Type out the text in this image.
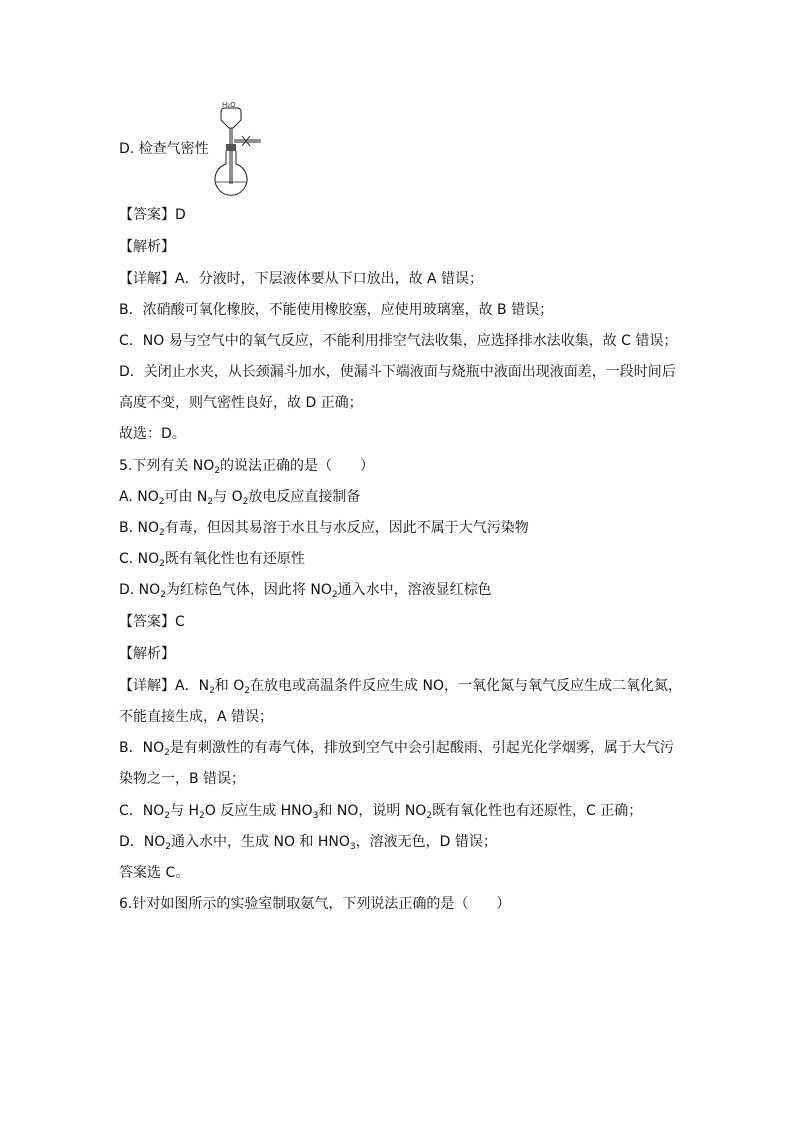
D. 检查气密性
H₂O
【答案】D
【解析】
【详解】A．分液时，下层液体要从下口放出，故 A 错误；
B．浓硝酸可氧化橡胶，不能使用橡胶塞，应使用玻璃塞，故 B 错误；
C．NO 易与空气中的氧气反应，不能利用排空气法收集，应选择排水法收集，故 C 错误；
D．关闭止水夹，从长颈漏斗加水，使漏斗下端液面与烧瓶中液面出现液面差，一段时间后
高度不变，则气密性良好，故 D 正确；
故选：D。
5.下列有关 $NO_2$的说法正确的是（　　）
A. $NO_2$可由 $N_2$与 $O_2$放电反应直接制备
B. $NO_2$有毒，但因其易溶于水且与水反应，因此不属于大气污染物
C. $NO_2$既有氧化性也有还原性
D. $NO_2$为红棕色气体，因此将 $NO_2$通入水中，溶液显红棕色
【答案】C
【解析】
【详解】A．$N_2$和 $O_2$在放电或高温条件反应生成 NO，一氧化氮与氧气反应生成二氧化氮，
不能直接生成，A 错误；
B．$NO_2$是有刺激性的有毒气体，排放到空气中会引起酸雨、引起光化学烟雾，属于大气污
染物之一，B 错误；
C．$NO_2$与 $H_2O$ 反应生成 $HNO_3$和 NO，说明 $NO_2$既有氧化性也有还原性，C 正确；
D．$NO_2$通入水中，生成 NO 和 $HNO_3$，溶液无色，D 错误；
答案选 C。
6.针对如图所示的实验室制取氨气，下列说法正确的是（　　）
